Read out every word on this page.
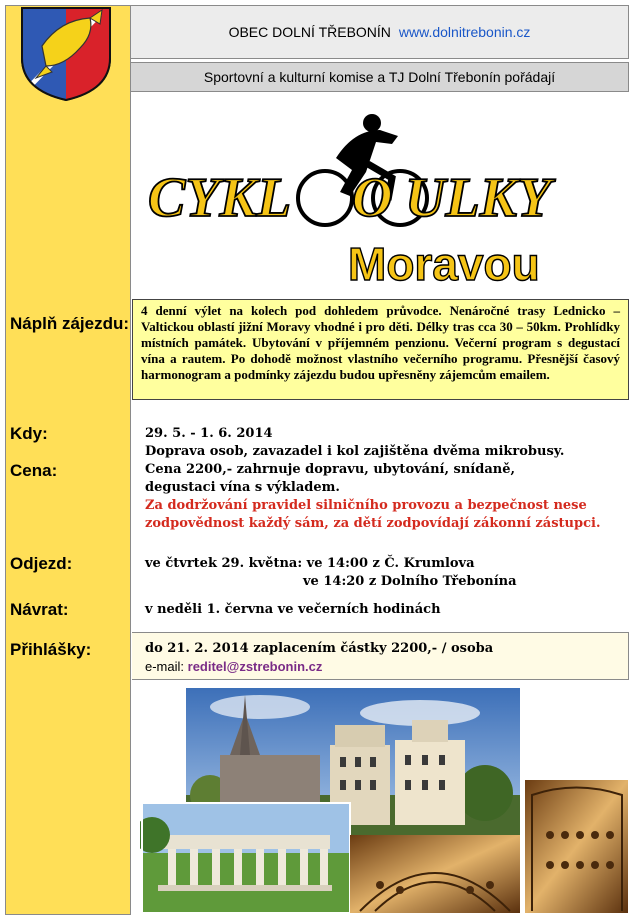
OBEC DOLNÍ TŘEBONÍN www.dolnitrebonin.cz
Sportovní a kulturní komise a TJ Dolní Třebonín pořádají
CYKL O ULKY
Moravou
Náplň zájezdu:
4 denní výlet na kolech pod dohledem průvodce. Nenáročné trasy Lednicko – Valtickou oblastí jižní Moravy vhodné i pro děti. Délky tras cca 30 – 50km. Prohlídky místních památek. Ubytování v příjemném penzionu. Večerní program s degustací vína a rautem. Po dohodě možnost vlastního večerního programu. Přesnější časový harmonogram a podmínky zájezdu budou upřesněny zájemcům emailem.
Kdy:	29. 5. - 1. 6. 2014
Doprava osob, zavazadel i kol zajištěna dvěma mikrobusy.
Cena:	Cena 2200,- zahrnuje dopravu, ubytování, snídaně,
degustaci vína s výkladem.
Za dodržování pravidel silničního provozu a bezpečnost nese
zodpovědnost každý sám, za dětí zodpovídají zákonní zástupci.
Odjezd:	ve čtvrtek 29. května: ve 14:00 z Č. Krumlova
ve 14:20 z Dolního Třebonína
Návrat:	v neděli 1. června ve večerních hodinách
Přihlášky:	do 21. 2. 2014 zaplacením částky 2200,- / osoba
e-mail: reditel@zstrebonin.cz
